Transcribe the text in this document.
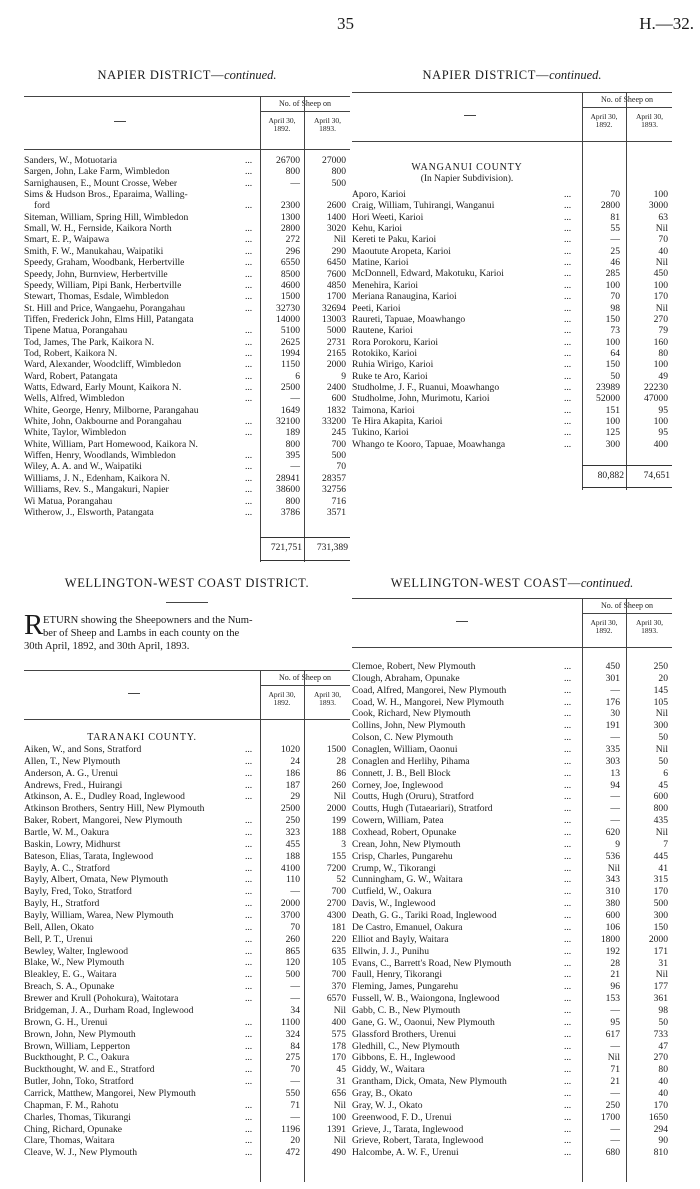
35	H.—32.
NAPIER DISTRICT—continued.
No. of Sheep on
April 30, 1892.
April 30, 1893.
Sanders, W., Motuotaria	...	26700	27000
Sargen, John, Lake Farm, Wimbledon	...	800	800
Sarnighausen, E., Mount Crosse, Weber	...	—	500
Sims & Hudson Bros., Eparaima, Walling-
ford	...	2300	2600
Siteman, William, Spring Hill, Wimbledon	1300	1400
Small, W. H., Fernside, Kaikora North	...	2800	3020
Smart, E. P., Waipawa	...	272	Nil
Smith, F. W., Manukahau, Waipatiki	...	296	290
Speedy, Graham, Woodbank, Herbertville	...	6550	6450
Speedy, John, Burnview, Herbertville	...	8500	7600
Speedy, William, Pipi Bank, Herbertville	...	4600	4850
Stewart, Thomas, Esdale, Wimbledon	...	1500	1700
St. Hill and Price, Wangaehu, Porangahau	...	32730	32694
Tiffen, Frederick John, Elms Hill, Patangata	14000	13003
Tipene Matua, Porangahau	...	5100	5000
Tod, James, The Park, Kaikora N.	...	2625	2731
Tod, Robert, Kaikora N.	...	1994	2165
Ward, Alexander, Woodcliff, Wimbledon	...	1150	2000
Ward, Robert, Patangata	...	6	9
Watts, Edward, Early Mount, Kaikora N.	...	2500	2400
Wells, Alfred, Wimbledon	...	—	600
White, George, Henry, Milborne, Parangahau	1649	1832
White, John, Oakbourne and Porangahau	...	32100	33200
White, Taylor, Wimbledon	...	189	245
White, William, Part Homewood, Kaikora N.	800	700
Wiffen, Henry, Woodlands, Wimbledon	...	395	500
Wiley, A. A. and W., Waipatiki	...	—	70
Williams, J. N., Edenham, Kaikora N.	...	28941	28357
Williams, Rev. S., Mangakuri, Napier	...	38600	32756
Wi Matua, Porangahau	...	800	716
Witherow, J., Elsworth, Patangata	...	3786	3571
721,751	731,389
NAPIER DISTRICT—continued.
No. of Sheep on
April 30, 1892.
April 30, 1893.
WANGANUI COUNTY
(In Napier Subdivision).
Aporo, Karioi	...	70	100
Craig, William, Tuhirangi, Wanganui	...	2800	3000
Hori Weeti, Karioi	...	81	63
Kehu, Karioi	...	55	Nil
Kereti te Paku, Karioi	...	—	70
Maoutute Aropeta, Karioi	...	25	40
Matine, Karioi	...	46	Nil
McDonnell, Edward, Makotuku, Karioi	...	285	450
Menehira, Karioi	...	100	100
Meriana Ranaugina, Karioi	...	70	170
Peeti, Karioi	...	98	Nil
Raureti, Tapuae, Moawhango	...	150	270
Rautene, Karioi	...	73	79
Rora Porokoru, Karioi	...	100	160
Rotokiko, Karioi	...	64	80
Ruhia Wirigo, Karioi	...	150	100
Ruke te Aro, Karioi	...	50	49
Studholme, J. F., Ruanui, Moawhango	...	23989	22230
Studholme, John, Murimotu, Karioi	...	52000	47000
Taimona, Karioi	...	151	95
Te Hira Akapita, Karioi	...	100	100
Tukino, Karioi	...	125	95
Whango te Kooro, Tapuae, Moawhanga	...	300	400
80,882	74,651
WELLINGTON-WEST COAST DISTRICT.
R ETURN showing the Sheepowners and the Num-
ber of Sheep and Lambs in each county on the
30th April, 1892, and 30th April, 1893.
No. of Sheep on
April 30, 1892.
April 30, 1893.
TARANAKI COUNTY.
Aiken, W., and Sons, Stratford	...	1020	1500
Allen, T., New Plymouth	...	24	28
Anderson, A. G., Urenui	...	186	86
Andrews, Fred., Huirangi	...	187	260
Atkinson, A. E., Dudley Road, Inglewood	...	29	Nil
Atkinson Brothers, Sentry Hill, New Plymouth	2500	2000
Baker, Robert, Mangorei, New Plymouth	...	250	199
Bartle, W. M., Oakura	...	323	188
Baskin, Lowry, Midhurst	...	455	3
Bateson, Elias, Tarata, Inglewood	...	188	155
Bayly, A. C., Stratford	...	4100	7200
Bayly, Albert, Omata, New Plymouth	...	110	52
Bayly, Fred, Toko, Stratford	...	—	700
Bayly, H., Stratford	...	2000	2700
Bayly, William, Warea, New Plymouth	...	3700	4300
Bell, Allen, Okato	...	70	181
Bell, P. T., Urenui	...	260	220
Bewley, Walter, Inglewood	...	865	635
Blake, W., New Plymouth	...	120	105
Bleakley, E. G., Waitara	...	500	700
Breach, S. A., Opunake	...	—	370
Brewer and Krull (Pohokura), Waitotara	...	—	6570
Bridgeman, J. A., Durham Road, Inglewood	34	Nil
Brown, G. H., Urenui	...	1100	400
Brown, John, New Plymouth	...	324	575
Brown, William, Lepperton	...	84	178
Buckthought, P. C., Oakura	...	275	170
Buckthought, W. and E., Stratford	...	70	45
Butler, John, Toko, Stratford	...	—	31
Carrick, Matthew, Mangorei, New Plymouth	550	656
Chapman, F. M., Rahotu	...	71	Nil
Charles, Thomas, Tikurangi	...	—	100
Ching, Richard, Opunake	...	1196	1391
Clare, Thomas, Waitara	...	20	Nil
Cleave, W. J., New Plymouth	...	472	490
WELLINGTON-WEST COAST—continued.
No. of Sheep on
April 30, 1892.
April 30, 1893.
Clemoe, Robert, New Plymouth	...	450	250
Clough, Abraham, Opunake	...	301	20
Coad, Alfred, Mangorei, New Plymouth	...	—	145
Coad, W. H., Mangorei, New Plymouth	...	176	105
Cook, Richard, New Plymouth	...	30	Nil
Collins, John, New Plymouth	...	191	300
Colson, C. New Plymouth	...	—	50
Conaglen, William, Oaonui	...	335	Nil
Conaglen and Herlihy, Pihama	...	303	50
Connett, J. B., Bell Block	...	13	6
Corney, Joe, Inglewood	...	94	45
Coutts, Hugh (Oruru), Stratford	...	—	600
Coutts, Hugh (Tutaeariari), Stratford	...	—	800
Cowern, William, Patea	...	—	435
Coxhead, Robert, Opunake	...	620	Nil
Crean, John, New Plymouth	...	9	7
Crisp, Charles, Pungarehu	...	536	445
Crump, W., Tikorangi	...	Nil	41
Cunningham, G. W., Waitara	...	343	315
Cutfield, W., Oakura	...	310	170
Davis, W., Inglewood	...	380	500
Death, G. G., Tariki Road, Inglewood	...	600	300
De Castro, Emanuel, Oakura	...	106	150
Elliot and Bayly, Waitara	...	1800	2000
Ellwin, J. J., Punihu	...	192	171
Evans, C., Barrett's Road, New Plymouth	...	28	31
Faull, Henry, Tikorangi	...	21	Nil
Fleming, James, Pungarehu	...	96	177
Fussell, W. B., Waiongona, Inglewood	...	153	361
Gabb, C. B., New Plymouth	...	—	98
Gane, G. W., Oaonui, New Plymouth	...	95	50
Glassford Brothers, Urenui	...	617	733
Gledhill, C., New Plymouth	...	—	47
Gibbons, E. H., Inglewood	...	Nil	270
Giddy, W., Waitara	...	71	80
Grantham, Dick, Omata, New Plymouth	...	21	40
Gray, B., Okato	...	—	40
Gray, W. J., Okato	...	250	170
Greenwood, F. D., Urenui	...	1700	1650
Grieve, J., Tarata, Inglewood	...	—	294
Grieve, Robert, Tarata, Inglewood	...	—	90
Halcombe, A. W. F., Urenui	...	680	810
